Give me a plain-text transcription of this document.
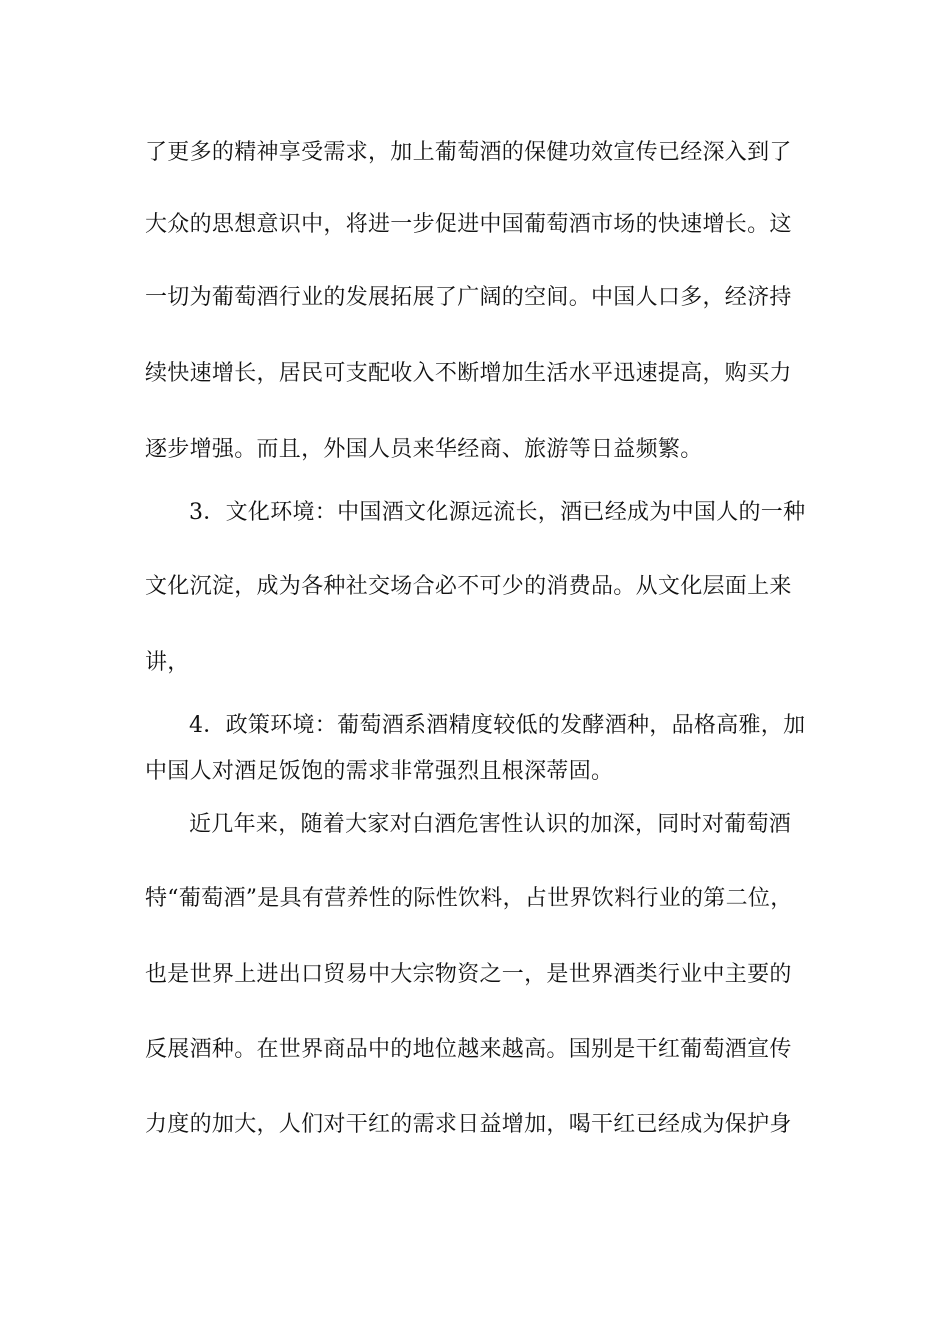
了更多的精神享受需求，加上葡萄酒的保健功效宣传已经深入到了
大众的思想意识中，将进一步促进中国葡萄酒市场的快速增长。这
一切为葡萄酒行业的发展拓展了广阔的空间。中国人口多，经济持
续快速增长，居民可支配收入不断增加生活水平迅速提高，购买力
逐步增强。而且，外国人员来华经商、旅游等日益频繁。
3．文化环境：中国酒文化源远流长，酒已经成为中国人的一种
文化沉淀，成为各种社交场合必不可少的消费品。从文化层面上来
讲，
4．政策环境：葡萄酒系酒精度较低的发酵酒种，品格高雅，加
中国人对酒足饭饱的需求非常强烈且根深蒂固。
近几年来，随着大家对白酒危害性认识的加深，同时对葡萄酒
特“葡萄酒”是具有营养性的际性饮料，占世界饮料行业的第二位，
也是世界上进出口贸易中大宗物资之一，是世界酒类行业中主要的
反展酒种。在世界商品中的地位越来越高。国别是干红葡萄酒宣传
力度的加大，人们对干红的需求日益增加，喝干红已经成为保护身
